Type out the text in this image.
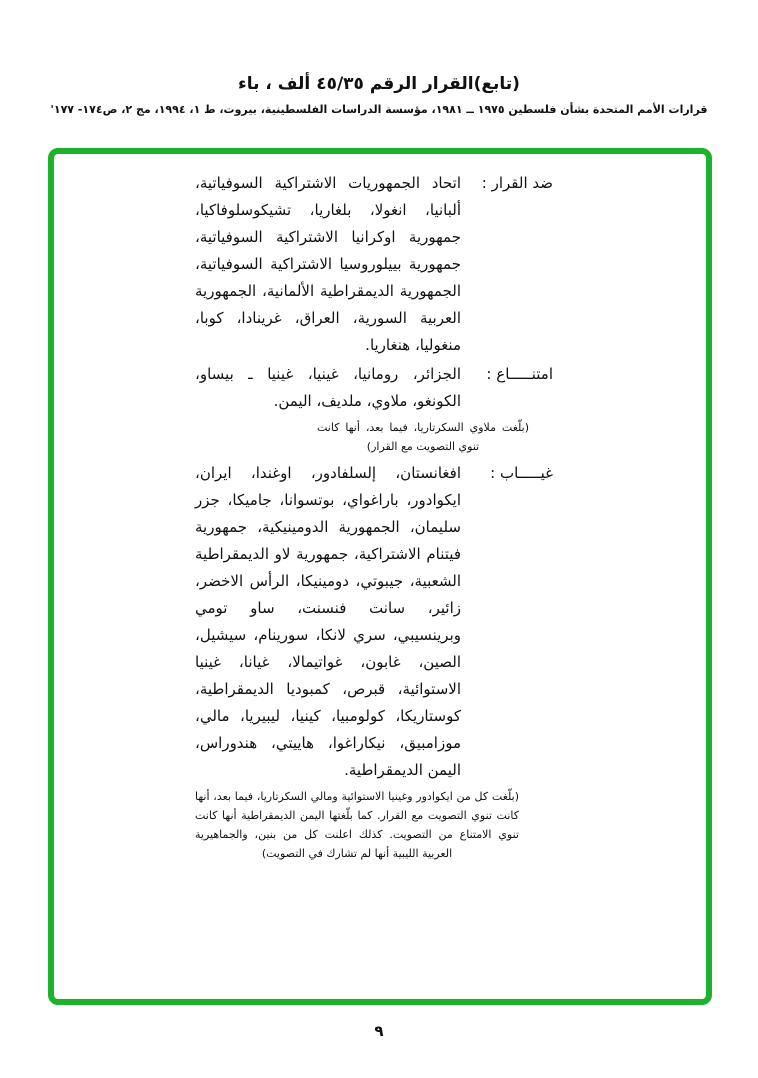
(تابع)القرار الرقم ٤٥/٣٥ ألف ، باء

قرارات الأمم المتحدة بشأن فلسطين ١٩٧٥ ــ ١٩٨١، مؤسسة الدراسات الفلسطينية، بيروت، ط ١، ١٩٩٤، مج ٢، ص١٧٤- ١٧٧'

ضد القرار :
اتحاد الجمهوريات الاشتراكية السوفياتية، ألبانيا، انغولا، بلغاريا، تشيكوسلوفاكيا، جمهورية اوكرانيا الاشتراكية السوفياتية، جمهورية بييلوروسيا الاشتراكية السوفياتية، الجمهورية الديمقراطية الألمانية، الجمهورية العربية السورية، العراق، غرينادا، كوبا، منغوليا، هنغاريا.
امتنـــــاع :
الجزائر، رومانيا، غينيا، غينيا ـ بيساو، الكونغو، ملاوي، ملديف، اليمن.
(بلّغت ملاوي السكرتاريا، فيما بعد، أنها كانت تنوي التصويت مع القرار)
غيـــــاب :
افغانستان، إلسلفادور، اوغندا، ايران، ايكوادور، باراغواي، بوتسوانا، جاميكا، جزر سليمان، الجمهورية الدومينيكية، جمهورية فيتنام الاشتراكية، جمهورية لاو الديمقراطية الشعبية، جيبوتي، دومينيكا، الرأس الاخضر، زائير، سانت فنسنت، ساو تومي وبرينسيبي، سري لانكا، سورينام، سيشيل، الصين، غابون، غواتيمالا، غيانا، غينيا الاستوائية، قبرص، كمبوديا الديمقراطية، كوستاريكا، كولومبيا، كينيا، ليبيريا، مالي، موزامبيق، نيكاراغوا، هاييتي، هندوراس، اليمن الديمقراطية.
(بلّغت كل من ايكوادور وغينيا الاستوائية ومالي السكرتاريا، فيما بعد، أنها كانت تنوي التصويت مع القرار. كما بلّغتها اليمن الديمقراطية أنها كانت تنوي الامتناع من التصويت. كذلك اعلنت كل من بنين، والجماهيرية العربية الليبية أنها لم تشارك في التصويت)
٩
